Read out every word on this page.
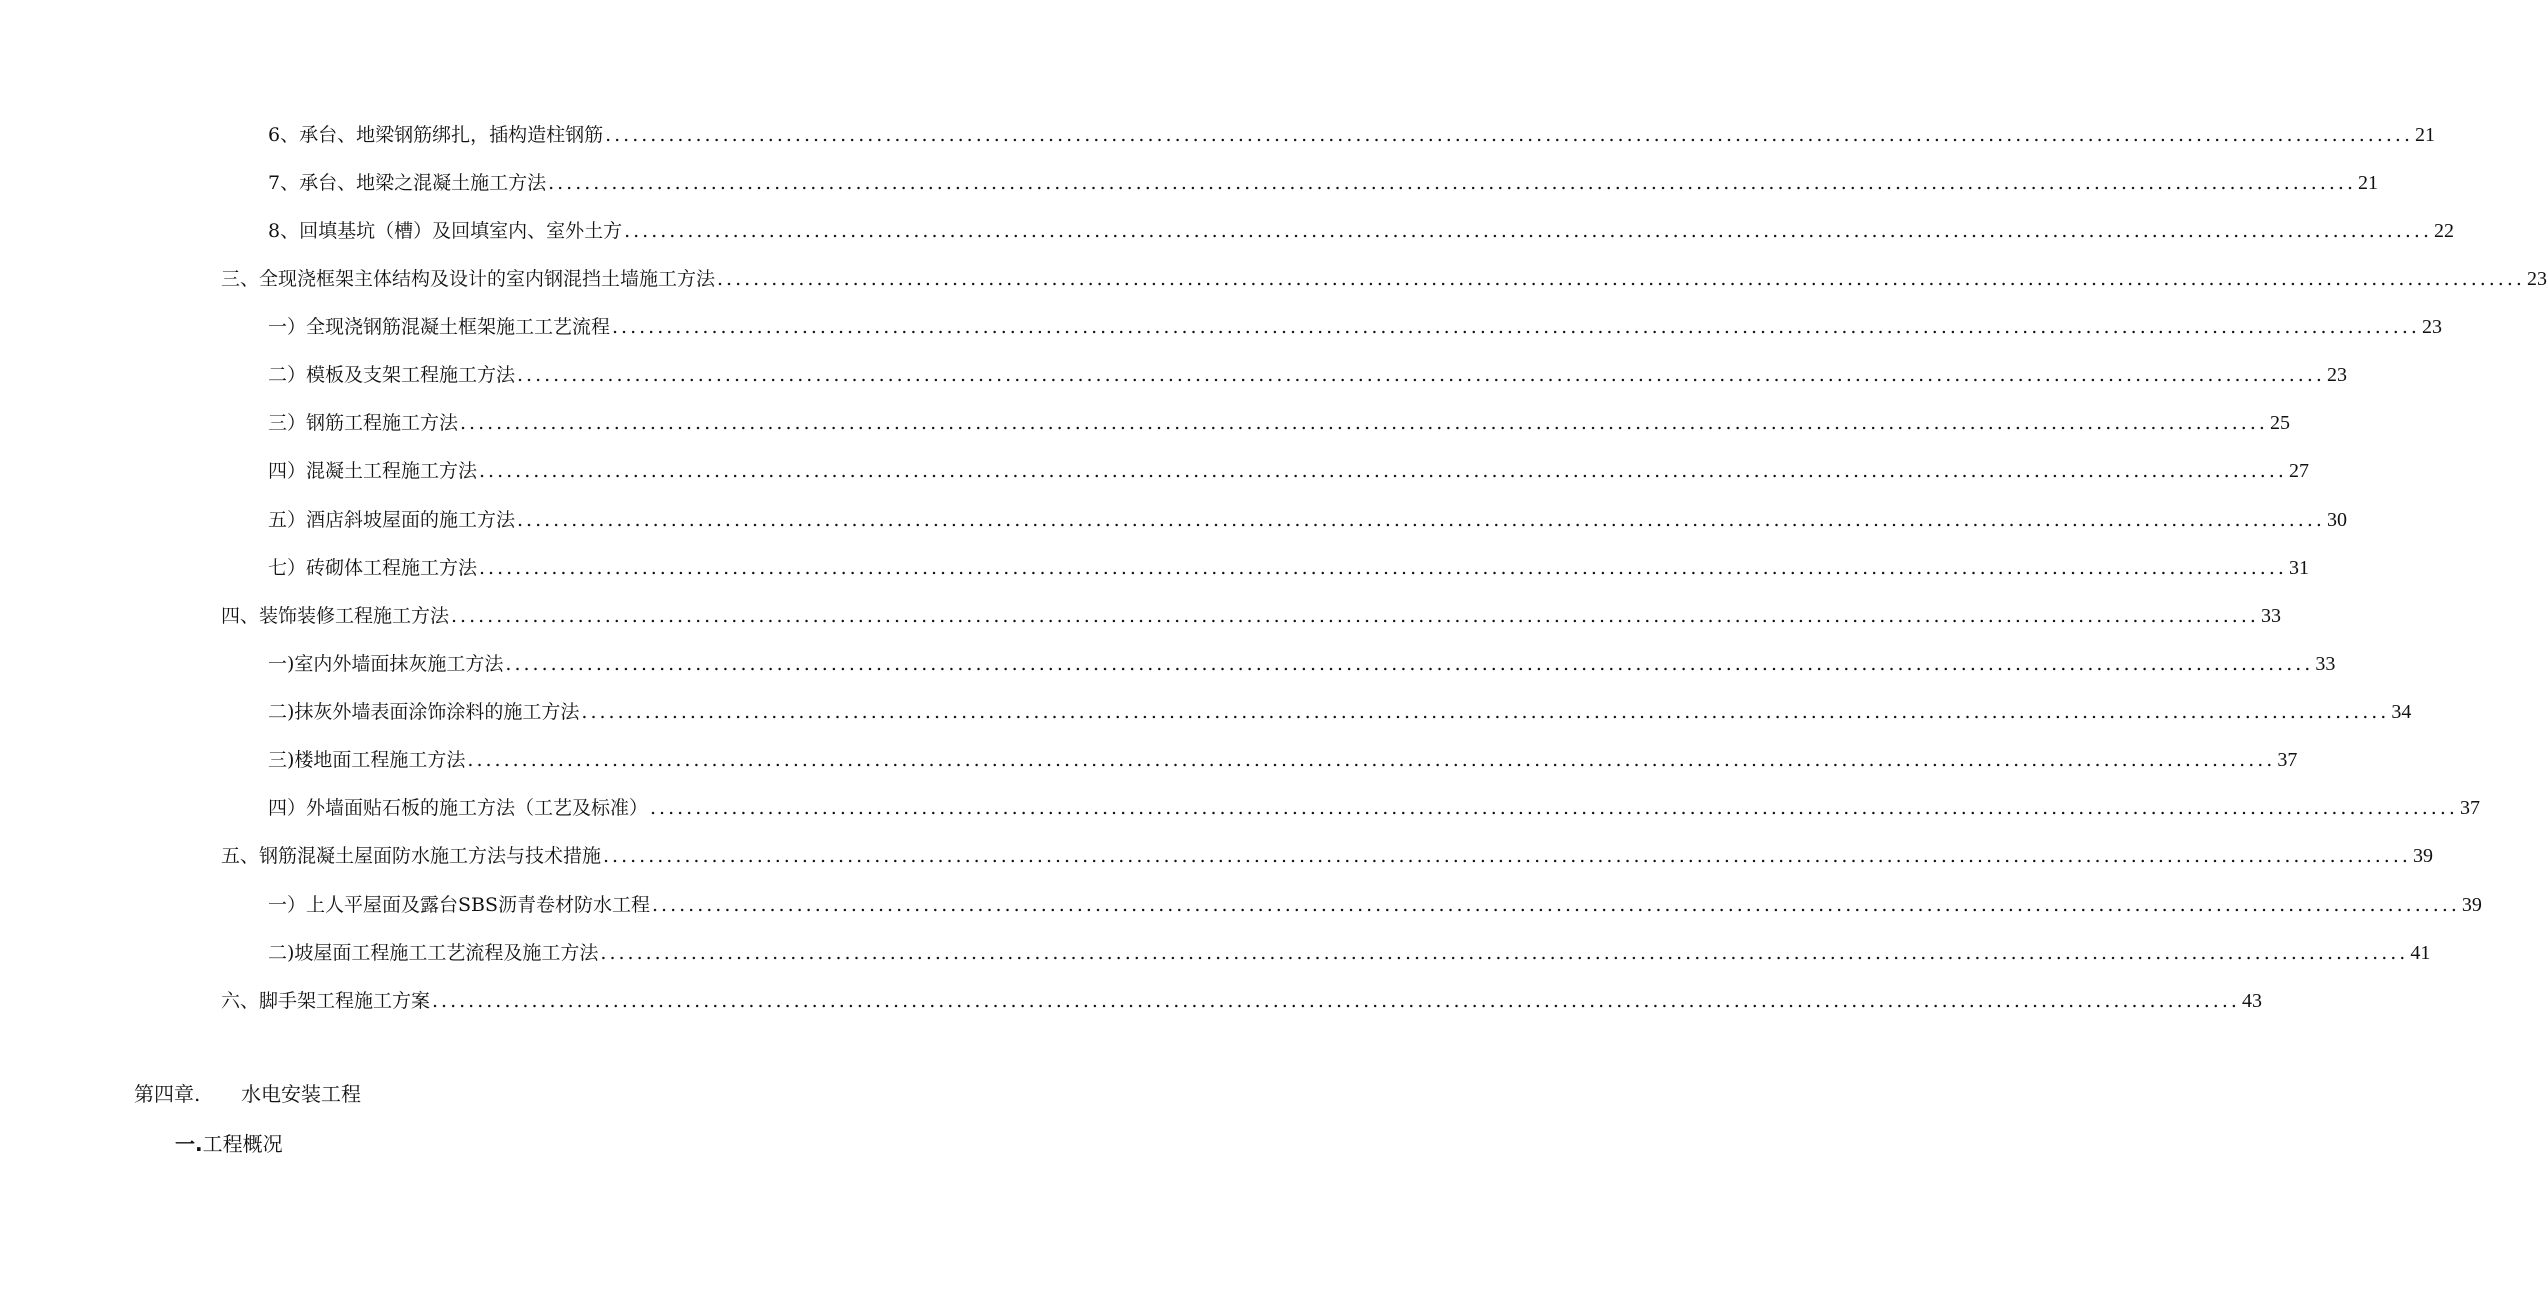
6、承台、地梁钢筋绑扎，插构造柱钢筋 ........................................................................................................................................................................................................ 21
7、承台、地梁之混凝土施工方法 ........................................................................................................................................................................................................ 21
8、回填基坑（槽）及回填室内、室外土方 ........................................................................................................................................................................................................ 22
三、全现浇框架主体结构及设计的室内钢混挡土墙施工方法 ........................................................................................................................................................................................................ 23
一）全现浇钢筋混凝土框架施工工艺流程 ........................................................................................................................................................................................................ 23
二）模板及支架工程施工方法 ........................................................................................................................................................................................................ 23
三）钢筋工程施工方法 ........................................................................................................................................................................................................ 25
四）混凝土工程施工方法 ........................................................................................................................................................................................................ 27
五）酒店斜坡屋面的施工方法 ........................................................................................................................................................................................................ 30
七）砖砌体工程施工方法 ........................................................................................................................................................................................................ 31
四、装饰装修工程施工方法 ........................................................................................................................................................................................................ 33
一)室内外墙面抹灰施工方法 ........................................................................................................................................................................................................ 33
二)抹灰外墙表面涂饰涂料的施工方法 ........................................................................................................................................................................................................ 34
三)楼地面工程施工方法 ........................................................................................................................................................................................................ 37
四）外墙面贴石板的施工方法（工艺及标准） ........................................................................................................................................................................................................ 37
五、钢筋混凝土屋面防水施工方法与技术措施 ........................................................................................................................................................................................................ 39
一）上人平屋面及露台SBS沥青卷材防水工程 ........................................................................................................................................................................................................ 39
二)坡屋面工程施工工艺流程及施工方法 ........................................................................................................................................................................................................ 41
六、脚手架工程施工方案 ........................................................................................................................................................................................................ 43
第四章. 水电安装工程
一.工程概况
